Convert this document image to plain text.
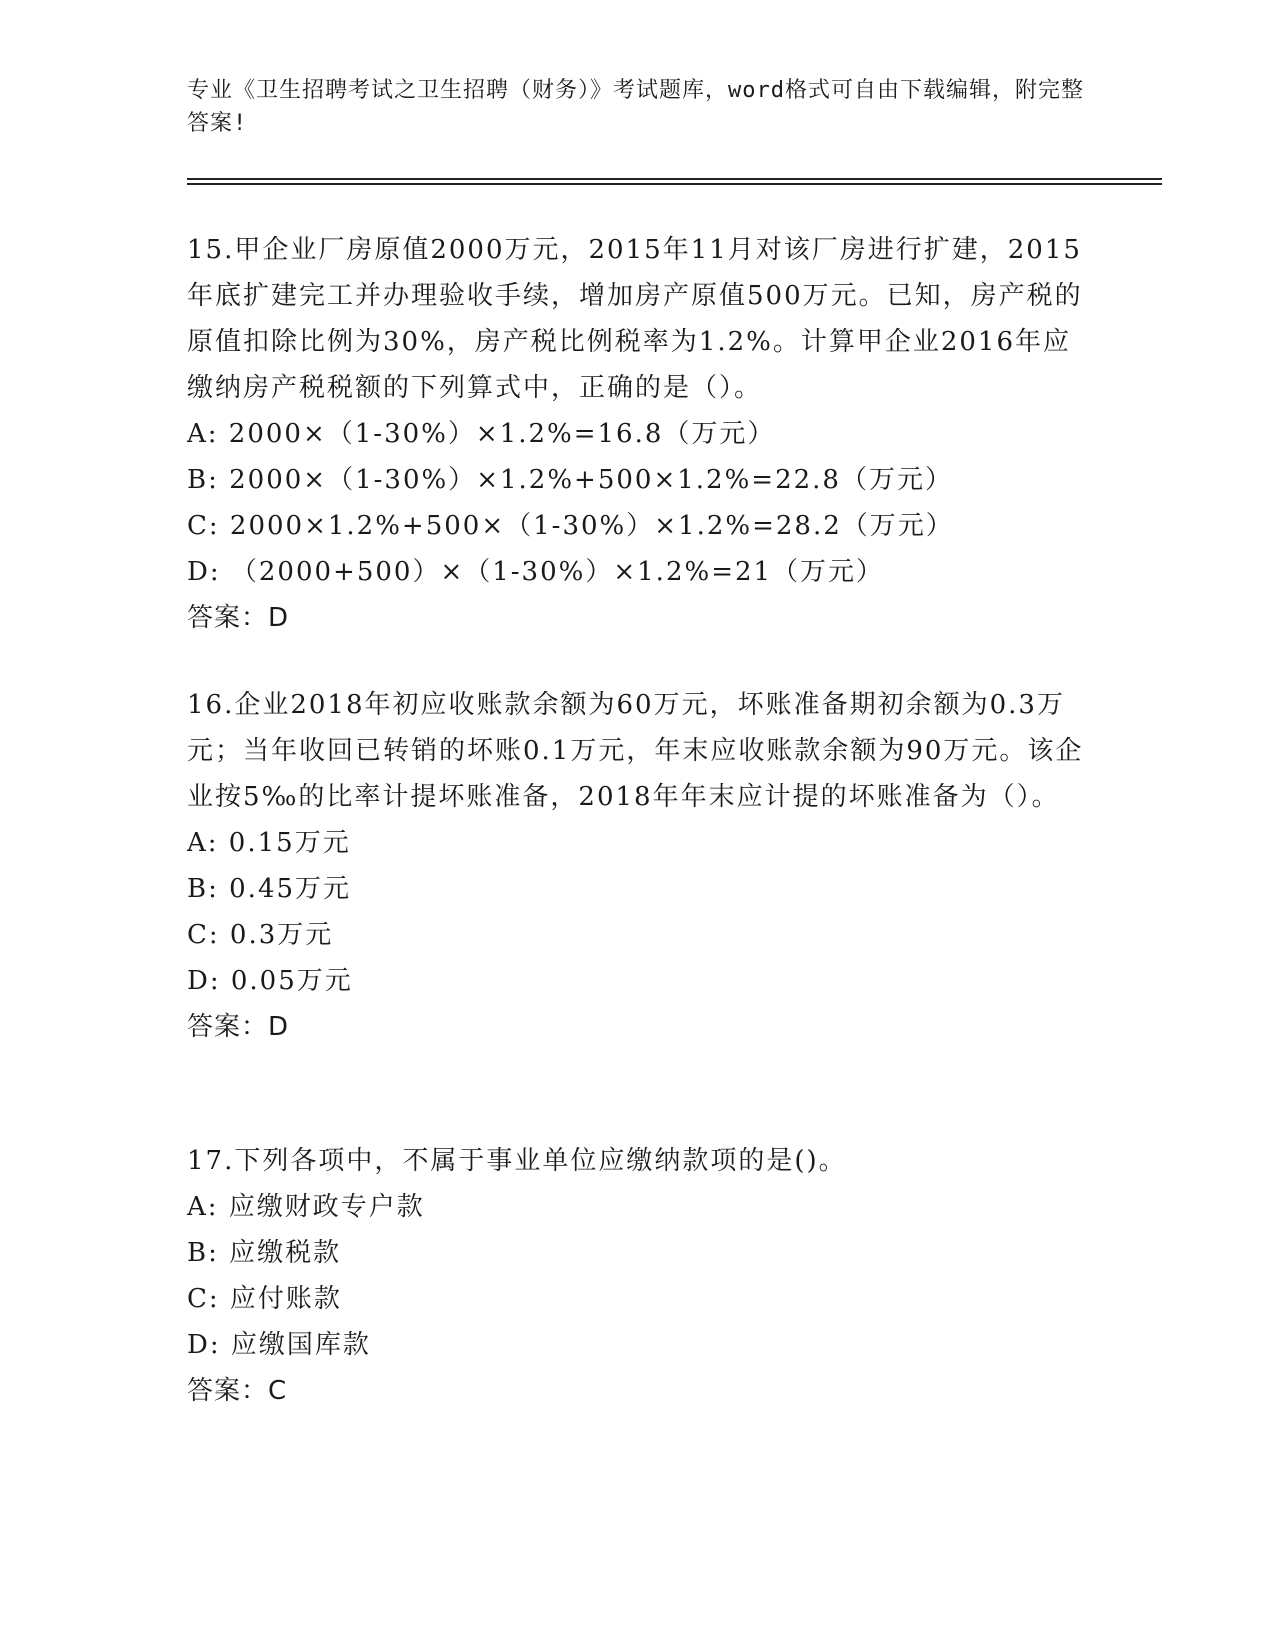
专业《卫生招聘考试之卫生招聘（财务）》考试题库，word格式可自由下载编辑，附完整答案!
15.甲企业厂房原值2000万元，2015年11月对该厂房进行扩建，2015年底扩建完工并办理验收手续，增加房产原值500万元。已知，房产税的原值扣除比例为30%，房产税比例税率为1.2%。计算甲企业2016年应缴纳房产税税额的下列算式中，正确的是（）。
A: 2000×（1-30%）×1.2%=16.8（万元）
B: 2000×（1-30%）×1.2%+500×1.2%=22.8（万元）
C: 2000×1.2%+500×（1-30%）×1.2%=28.2（万元）
D: （2000+500）×（1-30%）×1.2%=21（万元）
答案：D
16.企业2018年初应收账款余额为60万元，坏账准备期初余额为0.3万元；当年收回已转销的坏账0.1万元，年末应收账款余额为90万元。该企业按5‰的比率计提坏账准备，2018年年末应计提的坏账准备为（）。
A: 0.15万元
B: 0.45万元
C: 0.3万元
D: 0.05万元
答案：D
17.下列各项中，不属于事业单位应缴纳款项的是()。
A: 应缴财政专户款
B: 应缴税款
C: 应付账款
D: 应缴国库款
答案：C
